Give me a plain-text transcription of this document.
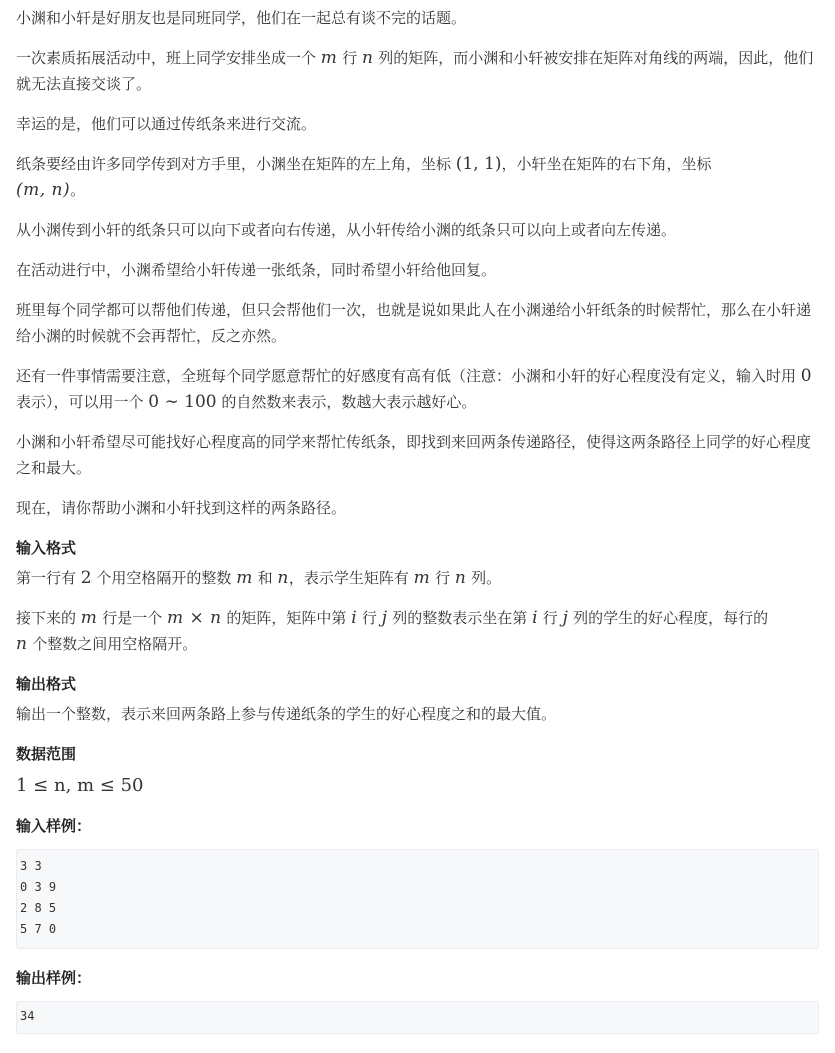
小渊和小轩是好朋友也是同班同学，他们在一起总有谈不完的话题。

一次素质拓展活动中，班上同学安排坐成一个 m 行 n 列的矩阵，而小渊和小轩被安排在矩阵对角线的两端，因此，他们就无法直接交谈了。

幸运的是，他们可以通过传纸条来进行交流。

纸条要经由许多同学传到对方手里，小渊坐在矩阵的左上角，坐标 (1, 1)，小轩坐在矩阵的右下角，坐标
(m, n)。

从小渊传到小轩的纸条只可以向下或者向右传递，从小轩传给小渊的纸条只可以向上或者向左传递。

在活动进行中，小渊希望给小轩传递一张纸条，同时希望小轩给他回复。

班里每个同学都可以帮他们传递，但只会帮他们一次，也就是说如果此人在小渊递给小轩纸条的时候帮忙，那么在小轩递给小渊的时候就不会再帮忙，反之亦然。

还有一件事情需要注意，全班每个同学愿意帮忙的好感度有高有低（注意：小渊和小轩的好心程度没有定义，输入时用 0 表示），可以用一个 0 ∼ 100 的自然数来表示，数越大表示越好心。

小渊和小轩希望尽可能找好心程度高的同学来帮忙传纸条，即找到来回两条传递路径，使得这两条路径上同学的好心程度之和最大。

现在，请你帮助小渊和小轩找到这样的两条路径。

输入格式

第一行有 2 个用空格隔开的整数 m 和 n，表示学生矩阵有 m 行 n 列。

接下来的 m 行是一个 m × n 的矩阵，矩阵中第 i 行 j 列的整数表示坐在第 i 行 j 列的学生的好心程度，每行的
n 个整数之间用空格隔开。

输出格式

输出一个整数，表示来回两条路上参与传递纸条的学生的好心程度之和的最大值。

数据范围

1 ≤ n, m ≤ 50

输入样例：
3 3
0 3 9
2 8 5
5 7 0
输出样例：
34
